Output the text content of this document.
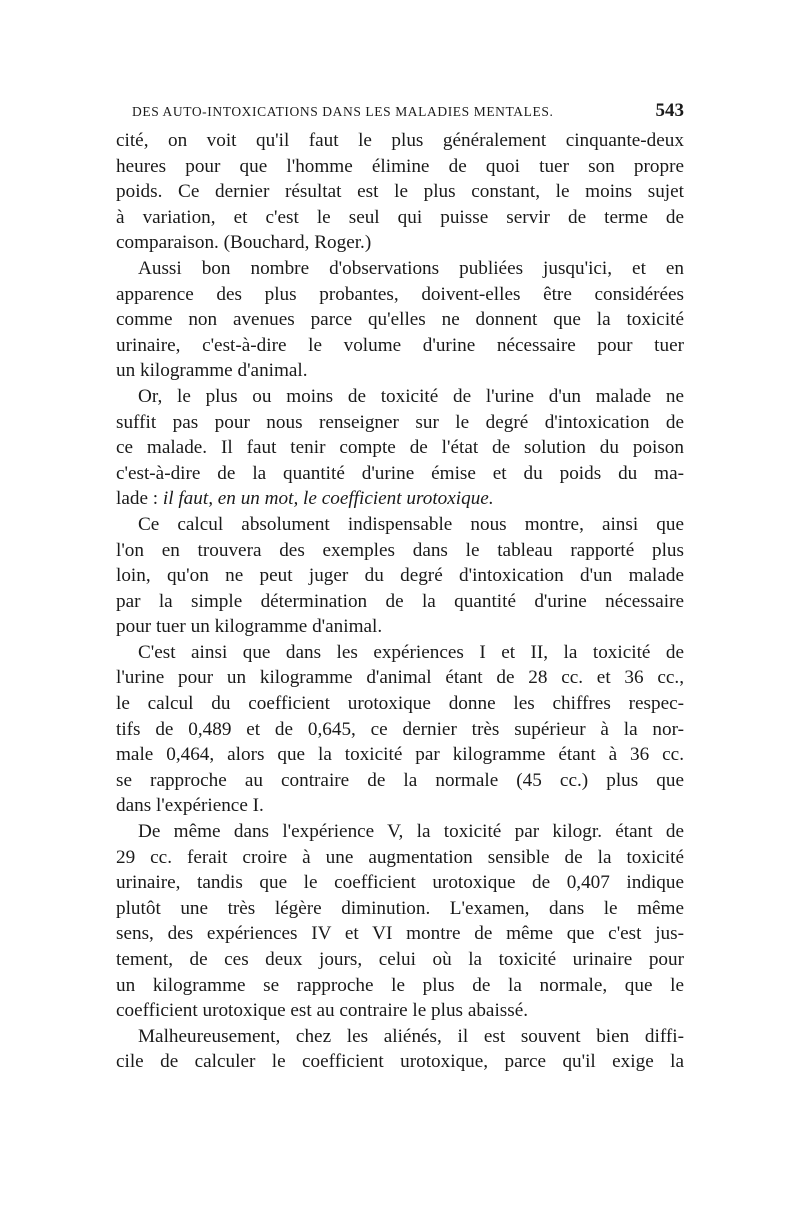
DES AUTO-INTOXICATIONS DANS LES MALADIES MENTALES.	543

cité, on voit qu'il faut le plus généralement cinquante-deux
heures pour que l'homme élimine de quoi tuer son propre
poids. Ce dernier résultat est le plus constant, le moins sujet
à variation, et c'est le seul qui puisse servir de terme de
comparaison. (Bouchard, Roger.)

Aussi bon nombre d'observations publiées jusqu'ici, et en
apparence des plus probantes, doivent-elles être considérées
comme non avenues parce qu'elles ne donnent que la toxicité
urinaire, c'est-à-dire le volume d'urine nécessaire pour tuer
un kilogramme d'animal.

Or, le plus ou moins de toxicité de l'urine d'un malade ne
suffit pas pour nous renseigner sur le degré d'intoxication de
ce malade. Il faut tenir compte de l'état de solution du poison
c'est-à-dire de la quantité d'urine émise et du poids du ma-
lade : il faut, en un mot, le coefficient urotoxique.

Ce calcul absolument indispensable nous montre, ainsi que
l'on en trouvera des exemples dans le tableau rapporté plus
loin, qu'on ne peut juger du degré d'intoxication d'un malade
par la simple détermination de la quantité d'urine nécessaire
pour tuer un kilogramme d'animal.

C'est ainsi que dans les expériences I et II, la toxicité de
l'urine pour un kilogramme d'animal étant de 28 cc. et 36 cc.,
le calcul du coefficient urotoxique donne les chiffres respec-
tifs de 0,489 et de 0,645, ce dernier très supérieur à la nor-
male 0,464, alors que la toxicité par kilogramme étant à 36 cc.
se rapproche au contraire de la normale (45 cc.) plus que
dans l'expérience I.

De même dans l'expérience V, la toxicité par kilogr. étant de
29 cc. ferait croire à une augmentation sensible de la toxicité
urinaire, tandis que le coefficient urotoxique de 0,407 indique
plutôt une très légère diminution. L'examen, dans le même
sens, des expériences IV et VI montre de même que c'est jus-
tement, de ces deux jours, celui où la toxicité urinaire pour
un kilogramme se rapproche le plus de la normale, que le
coefficient urotoxique est au contraire le plus abaissé.

Malheureusement, chez les aliénés, il est souvent bien diffi-
cile de calculer le coefficient urotoxique, parce qu'il exige la
